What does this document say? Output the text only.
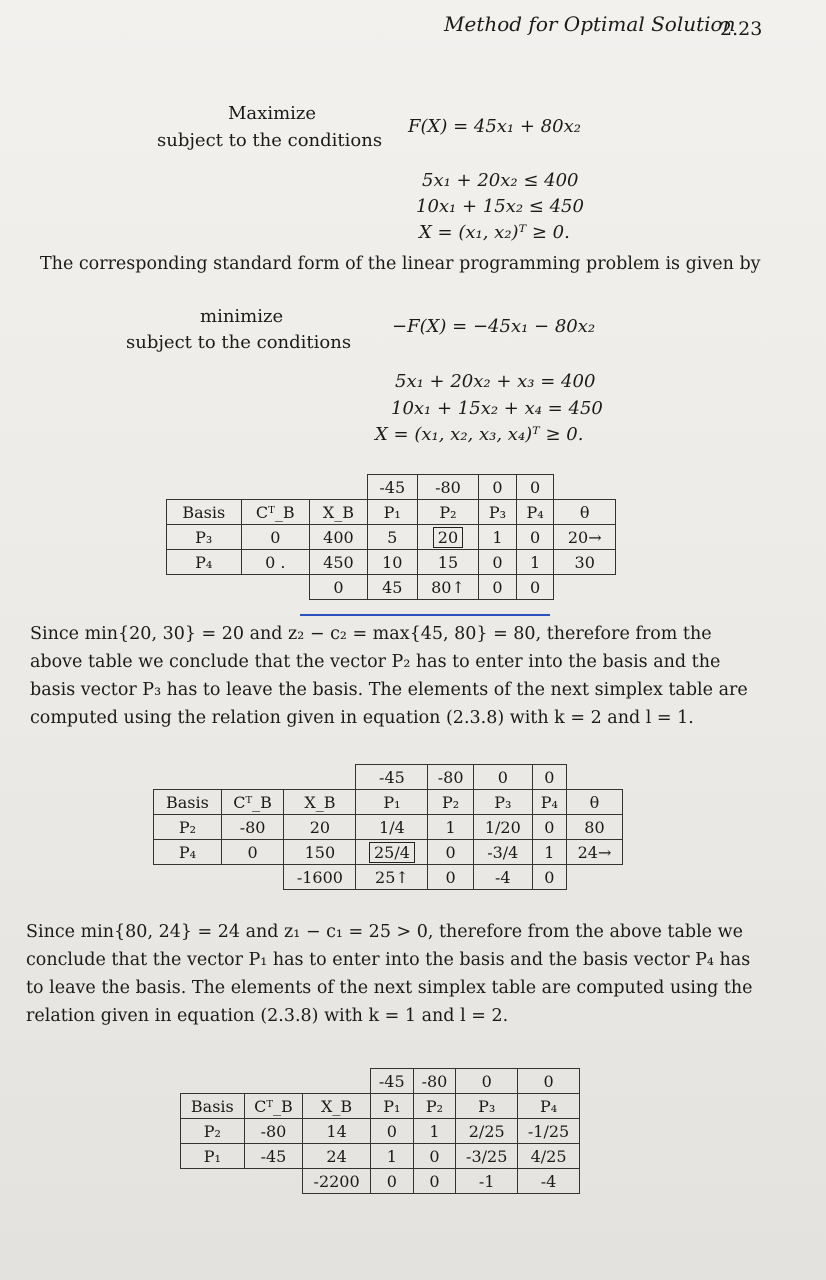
Method for Optimal Solution
2.23
Maximize
subject to the conditions
F(X) = 45x₁ + 80x₂
5x₁ + 20x₂ ≤ 400
10x₁ + 15x₂ ≤ 450
X = (x₁, x₂)ᵀ ≥ 0.
The corresponding standard form of the linear programming problem is given by
minimize
subject to the conditions
−F(X) = −45x₁ − 80x₂
5x₁ + 20x₂ + x₃ = 400
10x₁ + 15x₂ + x₄ = 450
X = (x₁, x₂, x₃, x₄)ᵀ ≥ 0.
			-45	-80	0	0	
Basis	Cᵀ_B	X_B	P₁	P₂	P₃	P₄	θ
P₃	0	400	5	20	1	0	20→
P₄	0 .	450	10	15	0	1	30
		0	45	80↑	0	0	
Since min{20, 30} = 20 and z₂ − c₂ = max{45, 80} = 80, therefore from the above table we conclude that the vector P₂ has to enter into the basis and the basis vector P₃ has to leave the basis. The elements of the next simplex table are computed using the relation given in equation (2.3.8) with k = 2 and l = 1.
			-45	-80	0	0	
Basis	Cᵀ_B	X_B	P₁	P₂	P₃	P₄	θ
P₂	-80	20	1/4	1	1/20	0	80
P₄	0	150	25/4	0	-3/4	1	24→
		-1600	25↑	0	-4	0	
Since min{80, 24} = 24 and z₁ − c₁ = 25 > 0, therefore from the above table we conclude that the vector P₁ has to enter into the basis and the basis vector P₄ has to leave the basis. The elements of the next simplex table are computed using the relation given in equation (2.3.8) with k = 1 and l = 2.
			-45	-80	0	0
Basis	Cᵀ_B	X_B	P₁	P₂	P₃	P₄
P₂	-80	14	0	1	2/25	-1/25
P₁	-45	24	1	0	-3/25	4/25
		-2200	0	0	-1	-4
